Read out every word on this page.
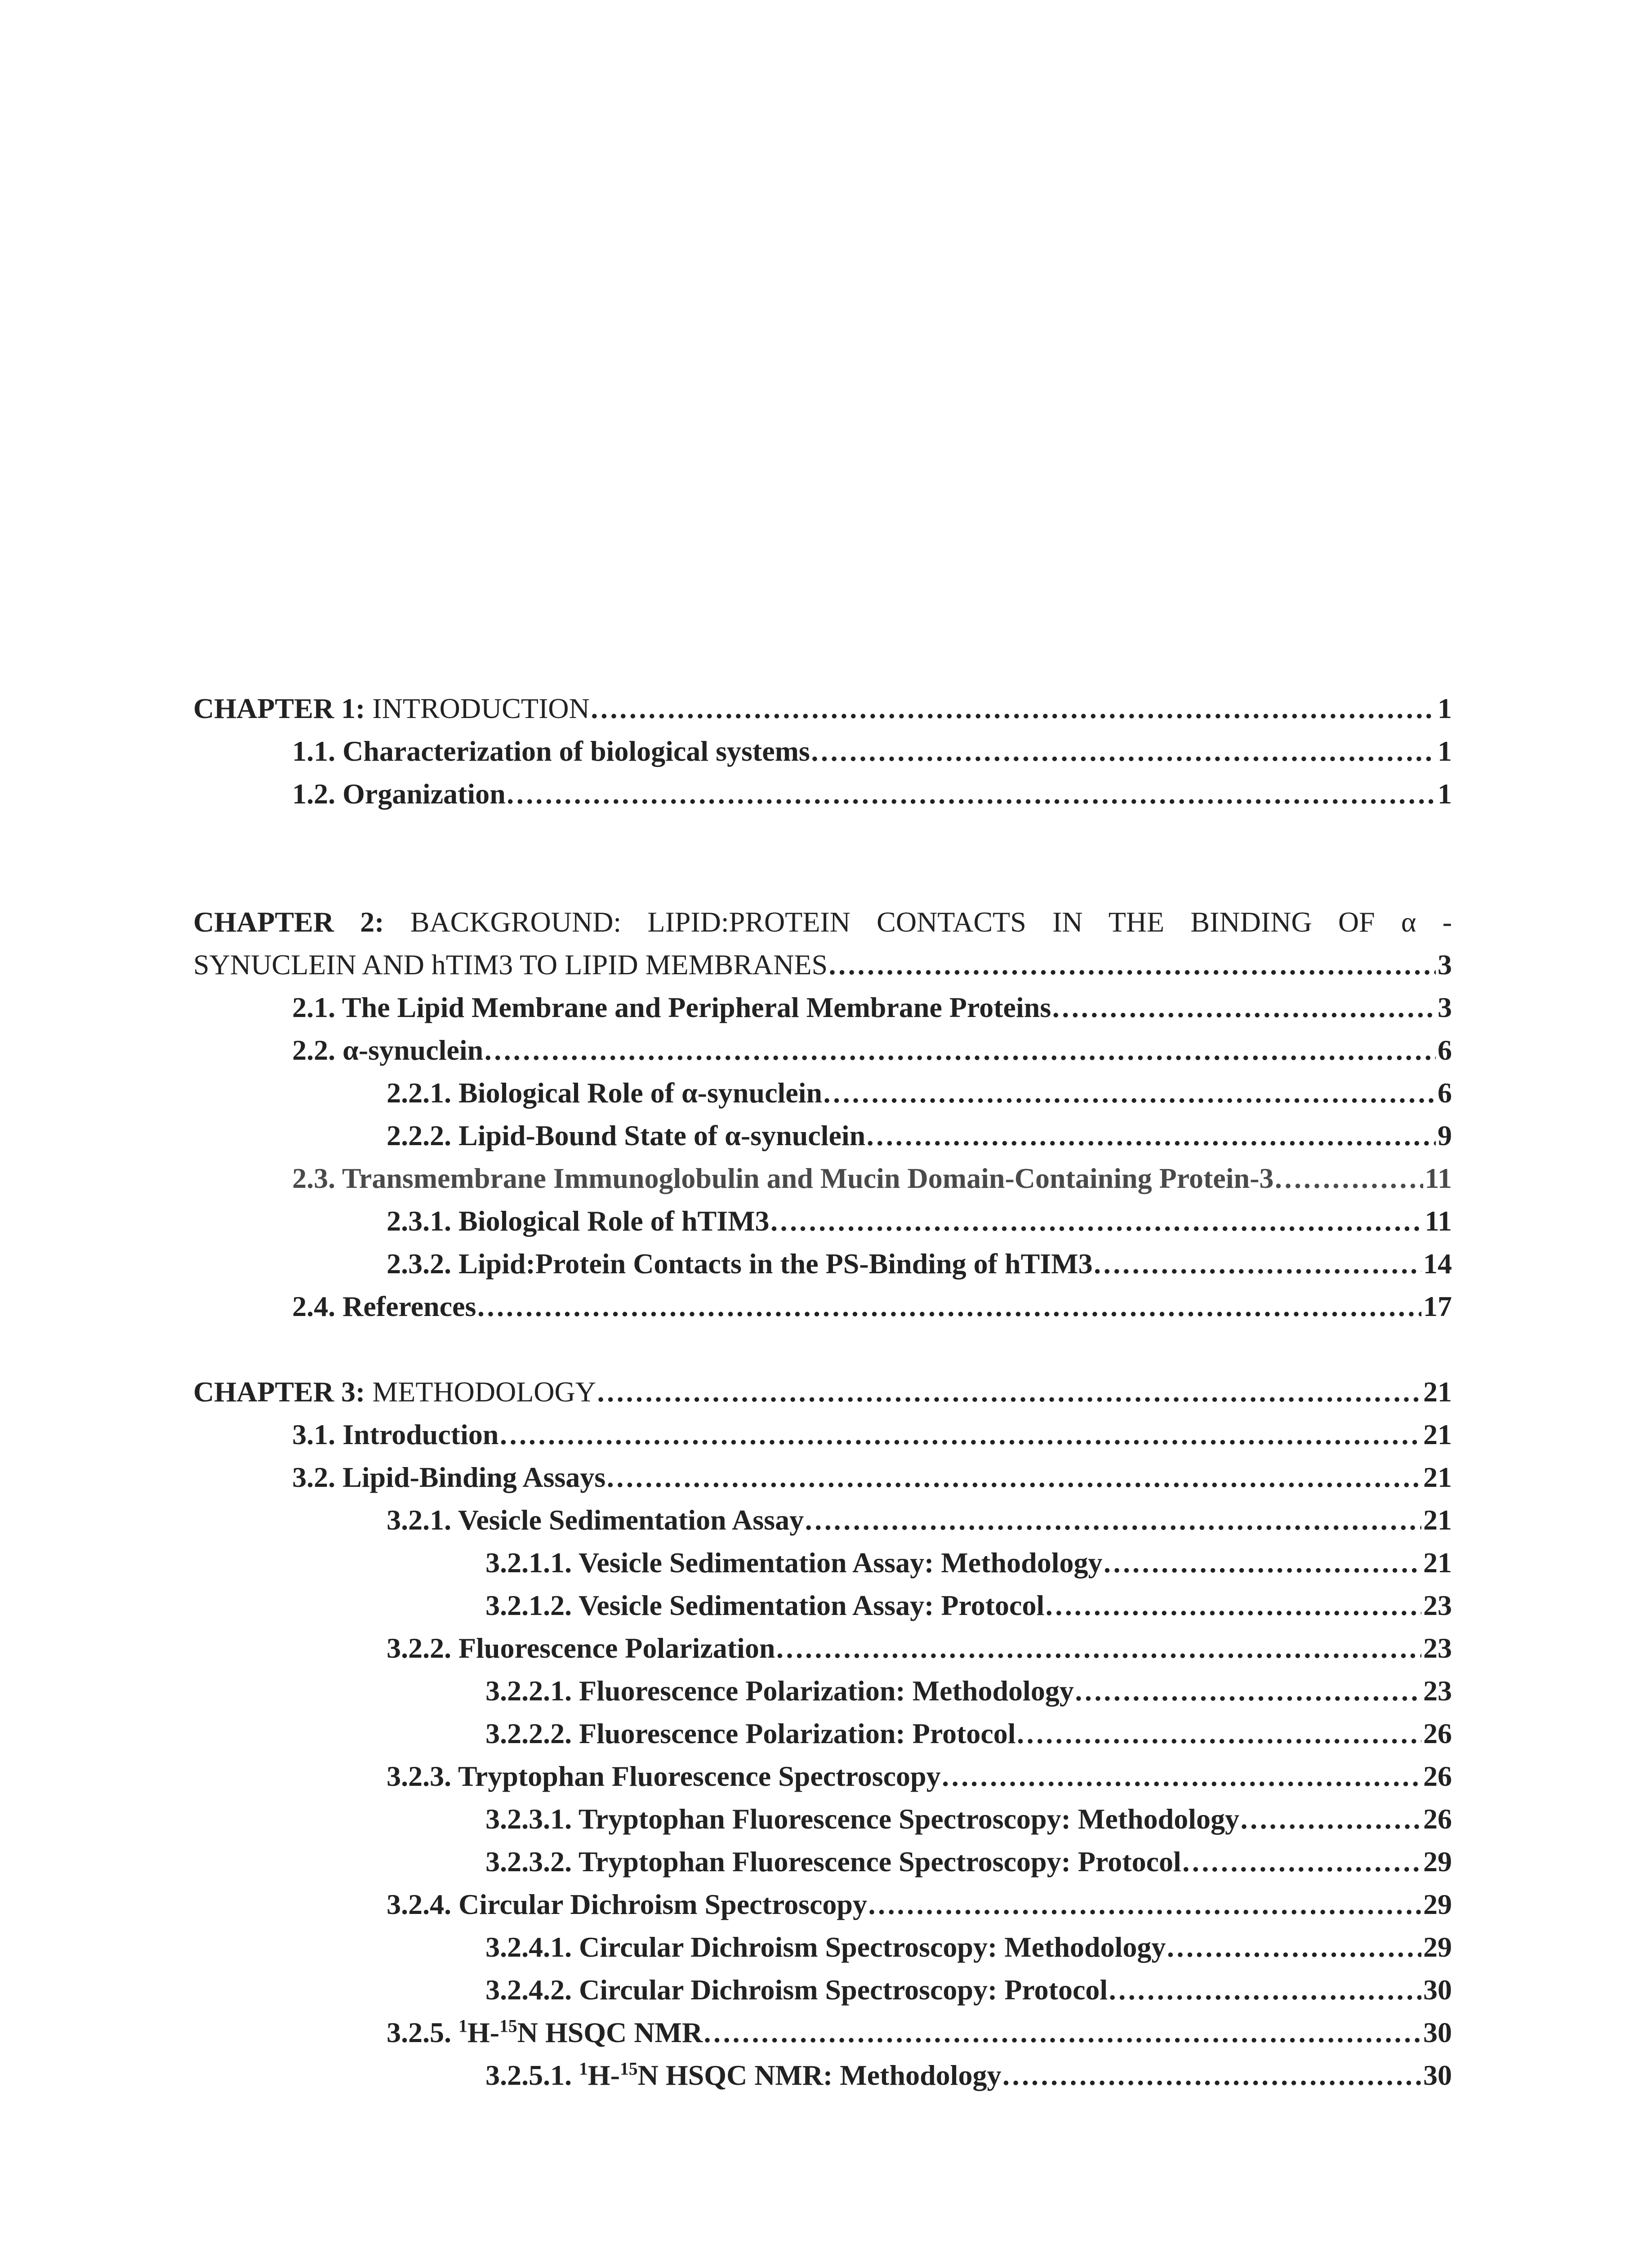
CHAPTER 1: INTRODUCTION …………………………………………………………………………………………………………………………………………………………………………………………………………………………	1
1.1. Characterization of biological systems …………………………………………………………………………………………………………………………………………………………………………………………………………………………	1
1.2. Organization …………………………………………………………………………………………………………………………………………………………………………………………………………………………	1
CHAPTER 2: BACKGROUND: LIPID:PROTEIN CONTACTS IN THE BINDING OF α -
SYNUCLEIN AND hTIM3 TO LIPID MEMBRANES …………………………………………………………………………………………………………………………………………………………………………………………………………………………	3
2.1. The Lipid Membrane and Peripheral Membrane Proteins …………………………………………………………………………………………………………………………………………………………………………………………………………………………	3
2.2. α-synuclein …………………………………………………………………………………………………………………………………………………………………………………………………………………………	6
2.2.1. Biological Role of α-synuclein …………………………………………………………………………………………………………………………………………………………………………………………………………………………	6
2.2.2. Lipid-Bound State of α-synuclein …………………………………………………………………………………………………………………………………………………………………………………………………………………………	9
2.3. Transmembrane Immunoglobulin and Mucin Domain-Containing Protein-3 …………………………………………………………………………………………………………………………………………………………………………………………………………………………	11
2.3.1. Biological Role of hTIM3 …………………………………………………………………………………………………………………………………………………………………………………………………………………………	11
2.3.2. Lipid:Protein Contacts in the PS-Binding of hTIM3 …………………………………………………………………………………………………………………………………………………………………………………………………………………………	14
2.4. References …………………………………………………………………………………………………………………………………………………………………………………………………………………………	17
CHAPTER 3: METHODOLOGY …………………………………………………………………………………………………………………………………………………………………………………………………………………………	21
3.1. Introduction …………………………………………………………………………………………………………………………………………………………………………………………………………………………	21
3.2. Lipid-Binding Assays …………………………………………………………………………………………………………………………………………………………………………………………………………………………	21
3.2.1. Vesicle Sedimentation Assay …………………………………………………………………………………………………………………………………………………………………………………………………………………………	21
3.2.1.1. Vesicle Sedimentation Assay: Methodology …………………………………………………………………………………………………………………………………………………………………………………………………………………………	21
3.2.1.2. Vesicle Sedimentation Assay: Protocol …………………………………………………………………………………………………………………………………………………………………………………………………………………………	23
3.2.2. Fluorescence Polarization …………………………………………………………………………………………………………………………………………………………………………………………………………………………	23
3.2.2.1. Fluorescence Polarization: Methodology …………………………………………………………………………………………………………………………………………………………………………………………………………………………	23
3.2.2.2. Fluorescence Polarization: Protocol …………………………………………………………………………………………………………………………………………………………………………………………………………………………	26
3.2.3. Tryptophan Fluorescence Spectroscopy …………………………………………………………………………………………………………………………………………………………………………………………………………………………	26
3.2.3.1. Tryptophan Fluorescence Spectroscopy: Methodology …………………………………………………………………………………………………………………………………………………………………………………………………………………………	26
3.2.3.2. Tryptophan Fluorescence Spectroscopy: Protocol …………………………………………………………………………………………………………………………………………………………………………………………………………………………	29
3.2.4. Circular Dichroism Spectroscopy …………………………………………………………………………………………………………………………………………………………………………………………………………………………	29
3.2.4.1. Circular Dichroism Spectroscopy: Methodology …………………………………………………………………………………………………………………………………………………………………………………………………………………………	29
3.2.4.2. Circular Dichroism Spectroscopy: Protocol …………………………………………………………………………………………………………………………………………………………………………………………………………………………	30
3.2.5. $^1$H-$^{15}$N HSQC NMR …………………………………………………………………………………………………………………………………………………………………………………………………………………………	30
3.2.5.1. $^1$H-$^{15}$N HSQC NMR: Methodology …………………………………………………………………………………………………………………………………………………………………………………………………………………………	30
